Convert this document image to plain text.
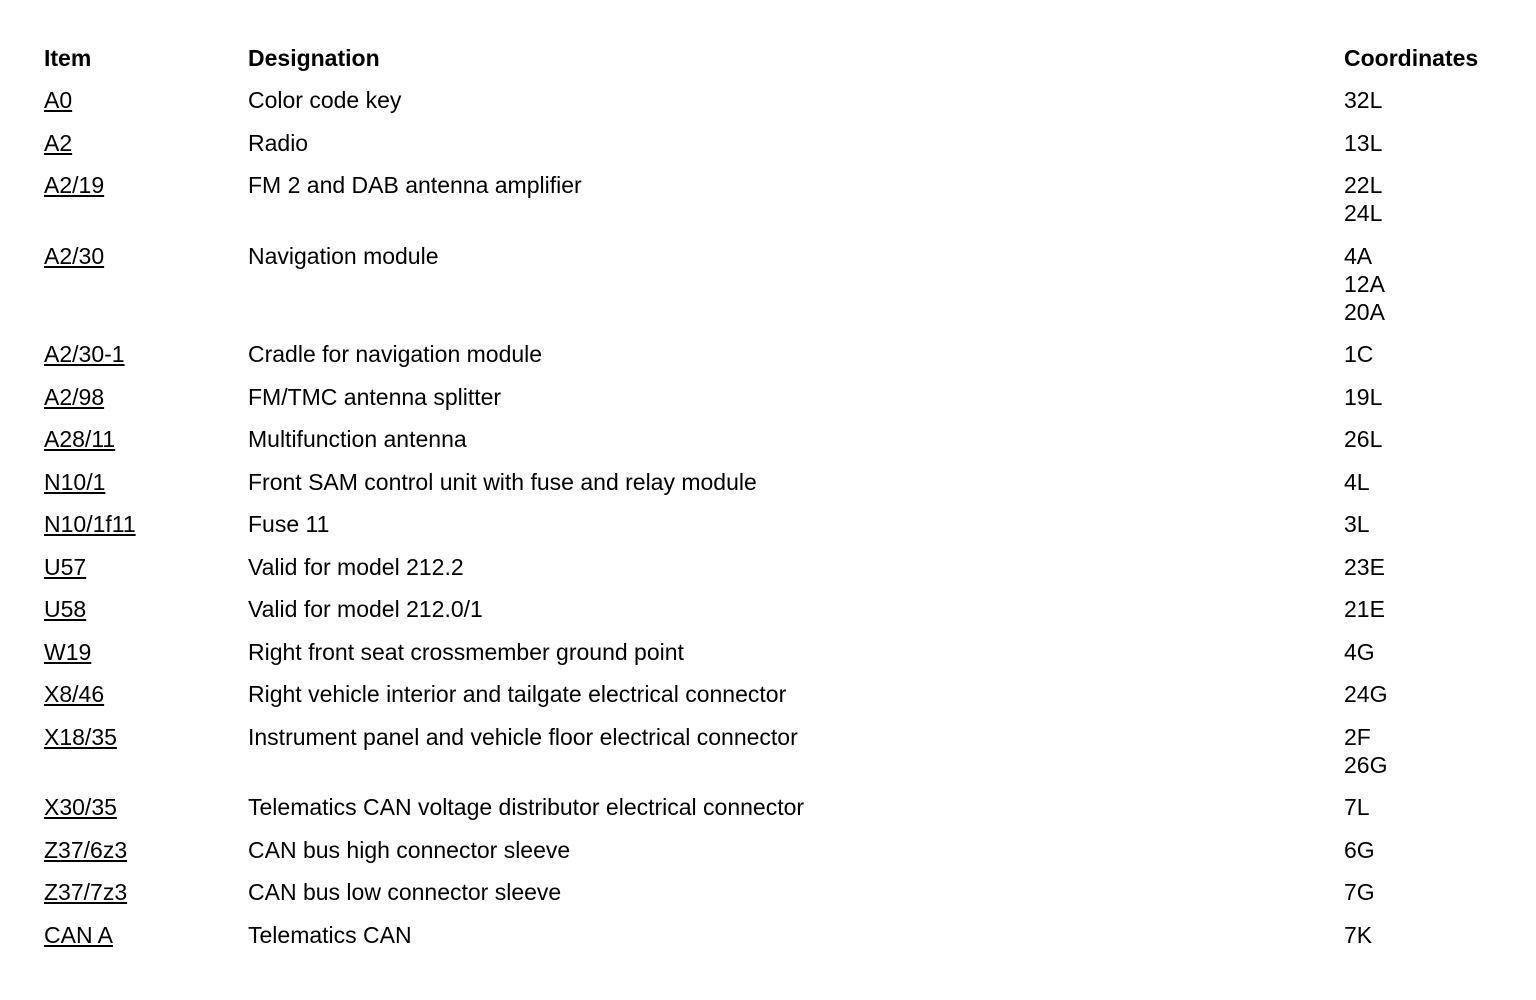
Item	Designation	Coordinates
A0	Color code key	32L
A2	Radio	13L
A2/19	FM 2 and DAB antenna amplifier	22L
24L
A2/30	Navigation module	4A
12A
20A
A2/30-1	Cradle for navigation module	1C
A2/98	FM/TMC antenna splitter	19L
A28/11	Multifunction antenna	26L
N10/1	Front SAM control unit with fuse and relay module	4L
N10/1f11	Fuse 11	3L
U57	Valid for model 212.2	23E
U58	Valid for model 212.0/1	21E
W19	Right front seat crossmember ground point	4G
X8/46	Right vehicle interior and tailgate electrical connector	24G
X18/35	Instrument panel and vehicle floor electrical connector	2F
26G
X30/35	Telematics CAN voltage distributor electrical connector	7L
Z37/6z3	CAN bus high connector sleeve	6G
Z37/7z3	CAN bus low connector sleeve	7G
CAN A	Telematics CAN	7K
